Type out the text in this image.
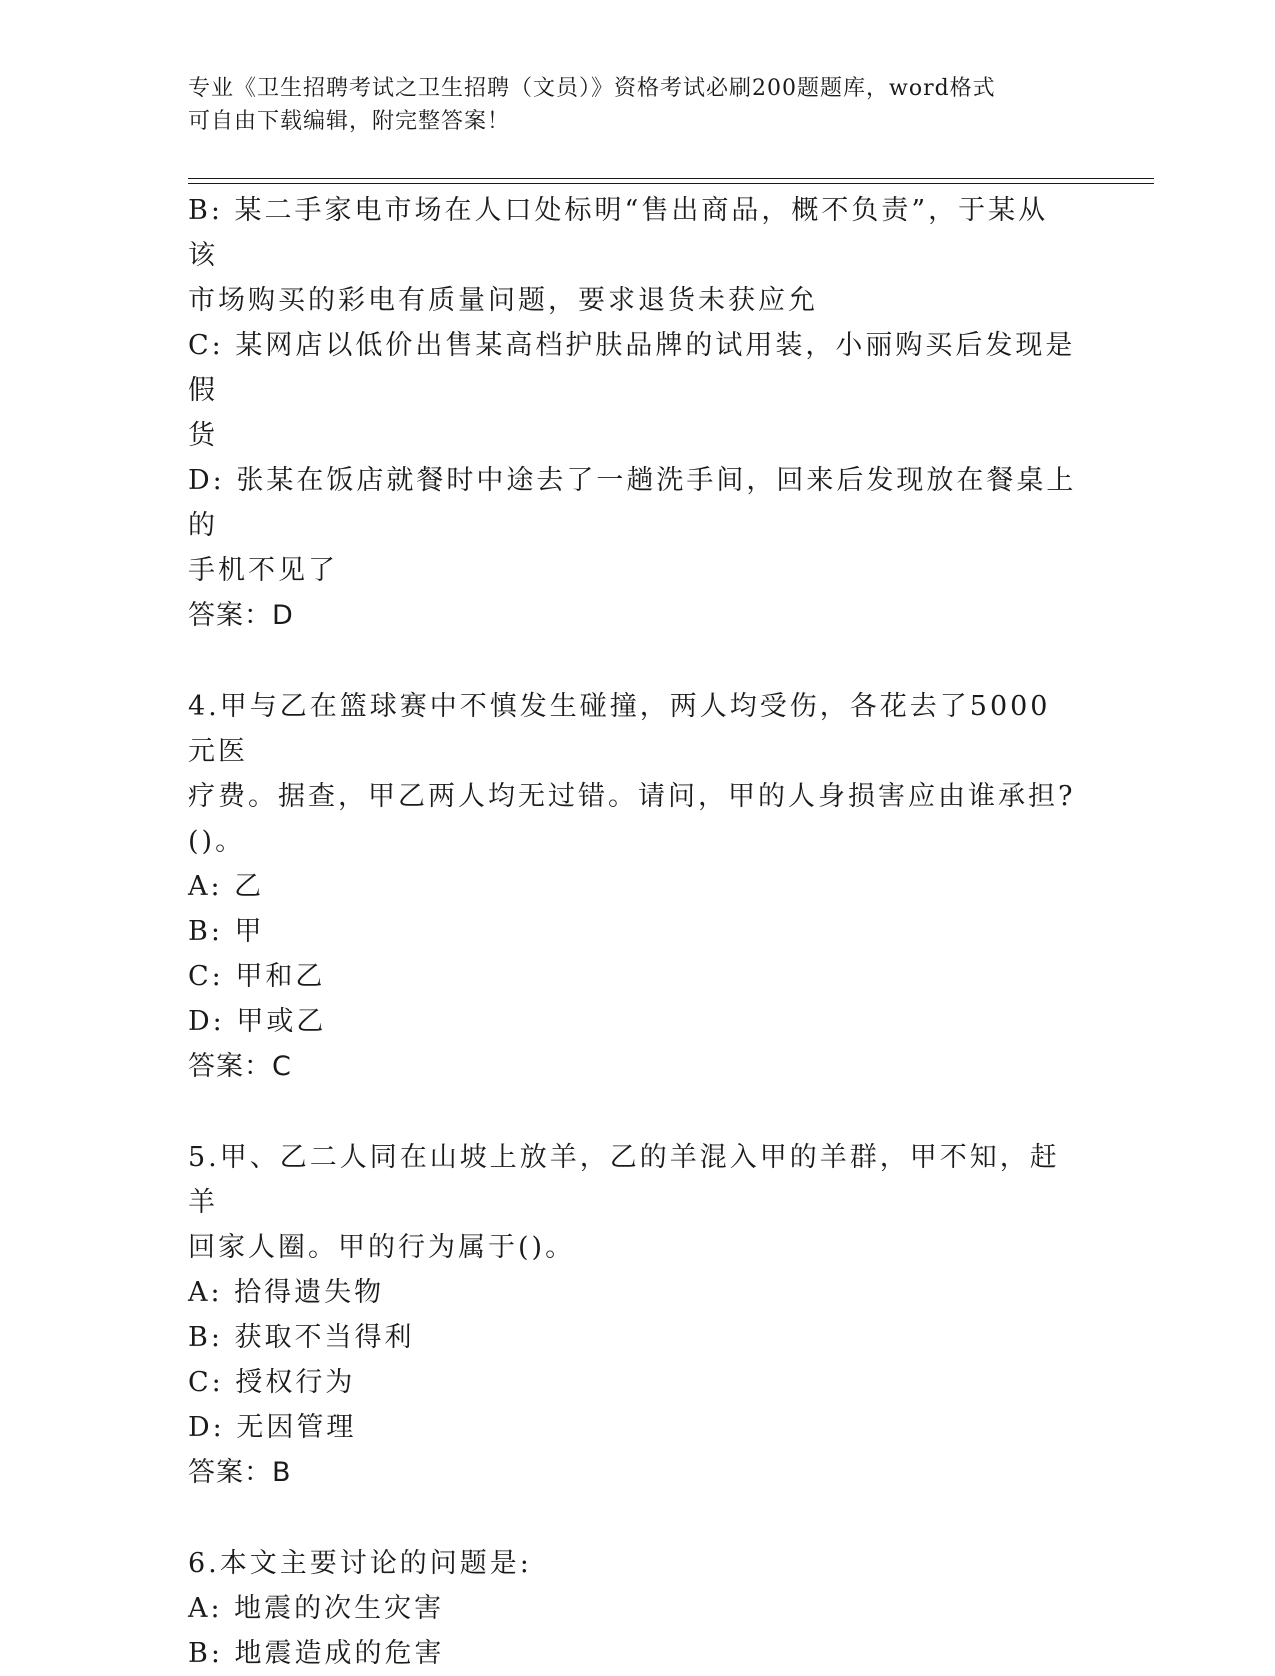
专业《卫生招聘考试之卫生招聘（文员）》资格考试必刷200题题库，word格式
可自由下载编辑，附完整答案！

B: 某二手家电市场在人口处标明“售出商品，概不负责”，于某从该

市场购买的彩电有质量问题，要求退货未获应允

C: 某网店以低价出售某高档护肤品牌的试用装，小丽购买后发现是假

货

D: 张某在饭店就餐时中途去了一趟洗手间，回来后发现放在餐桌上的

手机不见了

答案：D

4.甲与乙在篮球赛中不慎发生碰撞，两人均受伤，各花去了5000元医

疗费。据查，甲乙两人均无过错。请问，甲的人身损害应由谁承担?

()。

A: 乙

B: 甲

C: 甲和乙

D: 甲或乙

答案：C

5.甲、乙二人同在山坡上放羊，乙的羊混入甲的羊群，甲不知，赶羊

回家人圈。甲的行为属于()。

A: 拾得遗失物

B: 获取不当得利

C: 授权行为

D: 无因管理

答案：B

6.本文主要讨论的问题是:

A: 地震的次生灾害

B: 地震造成的危害
